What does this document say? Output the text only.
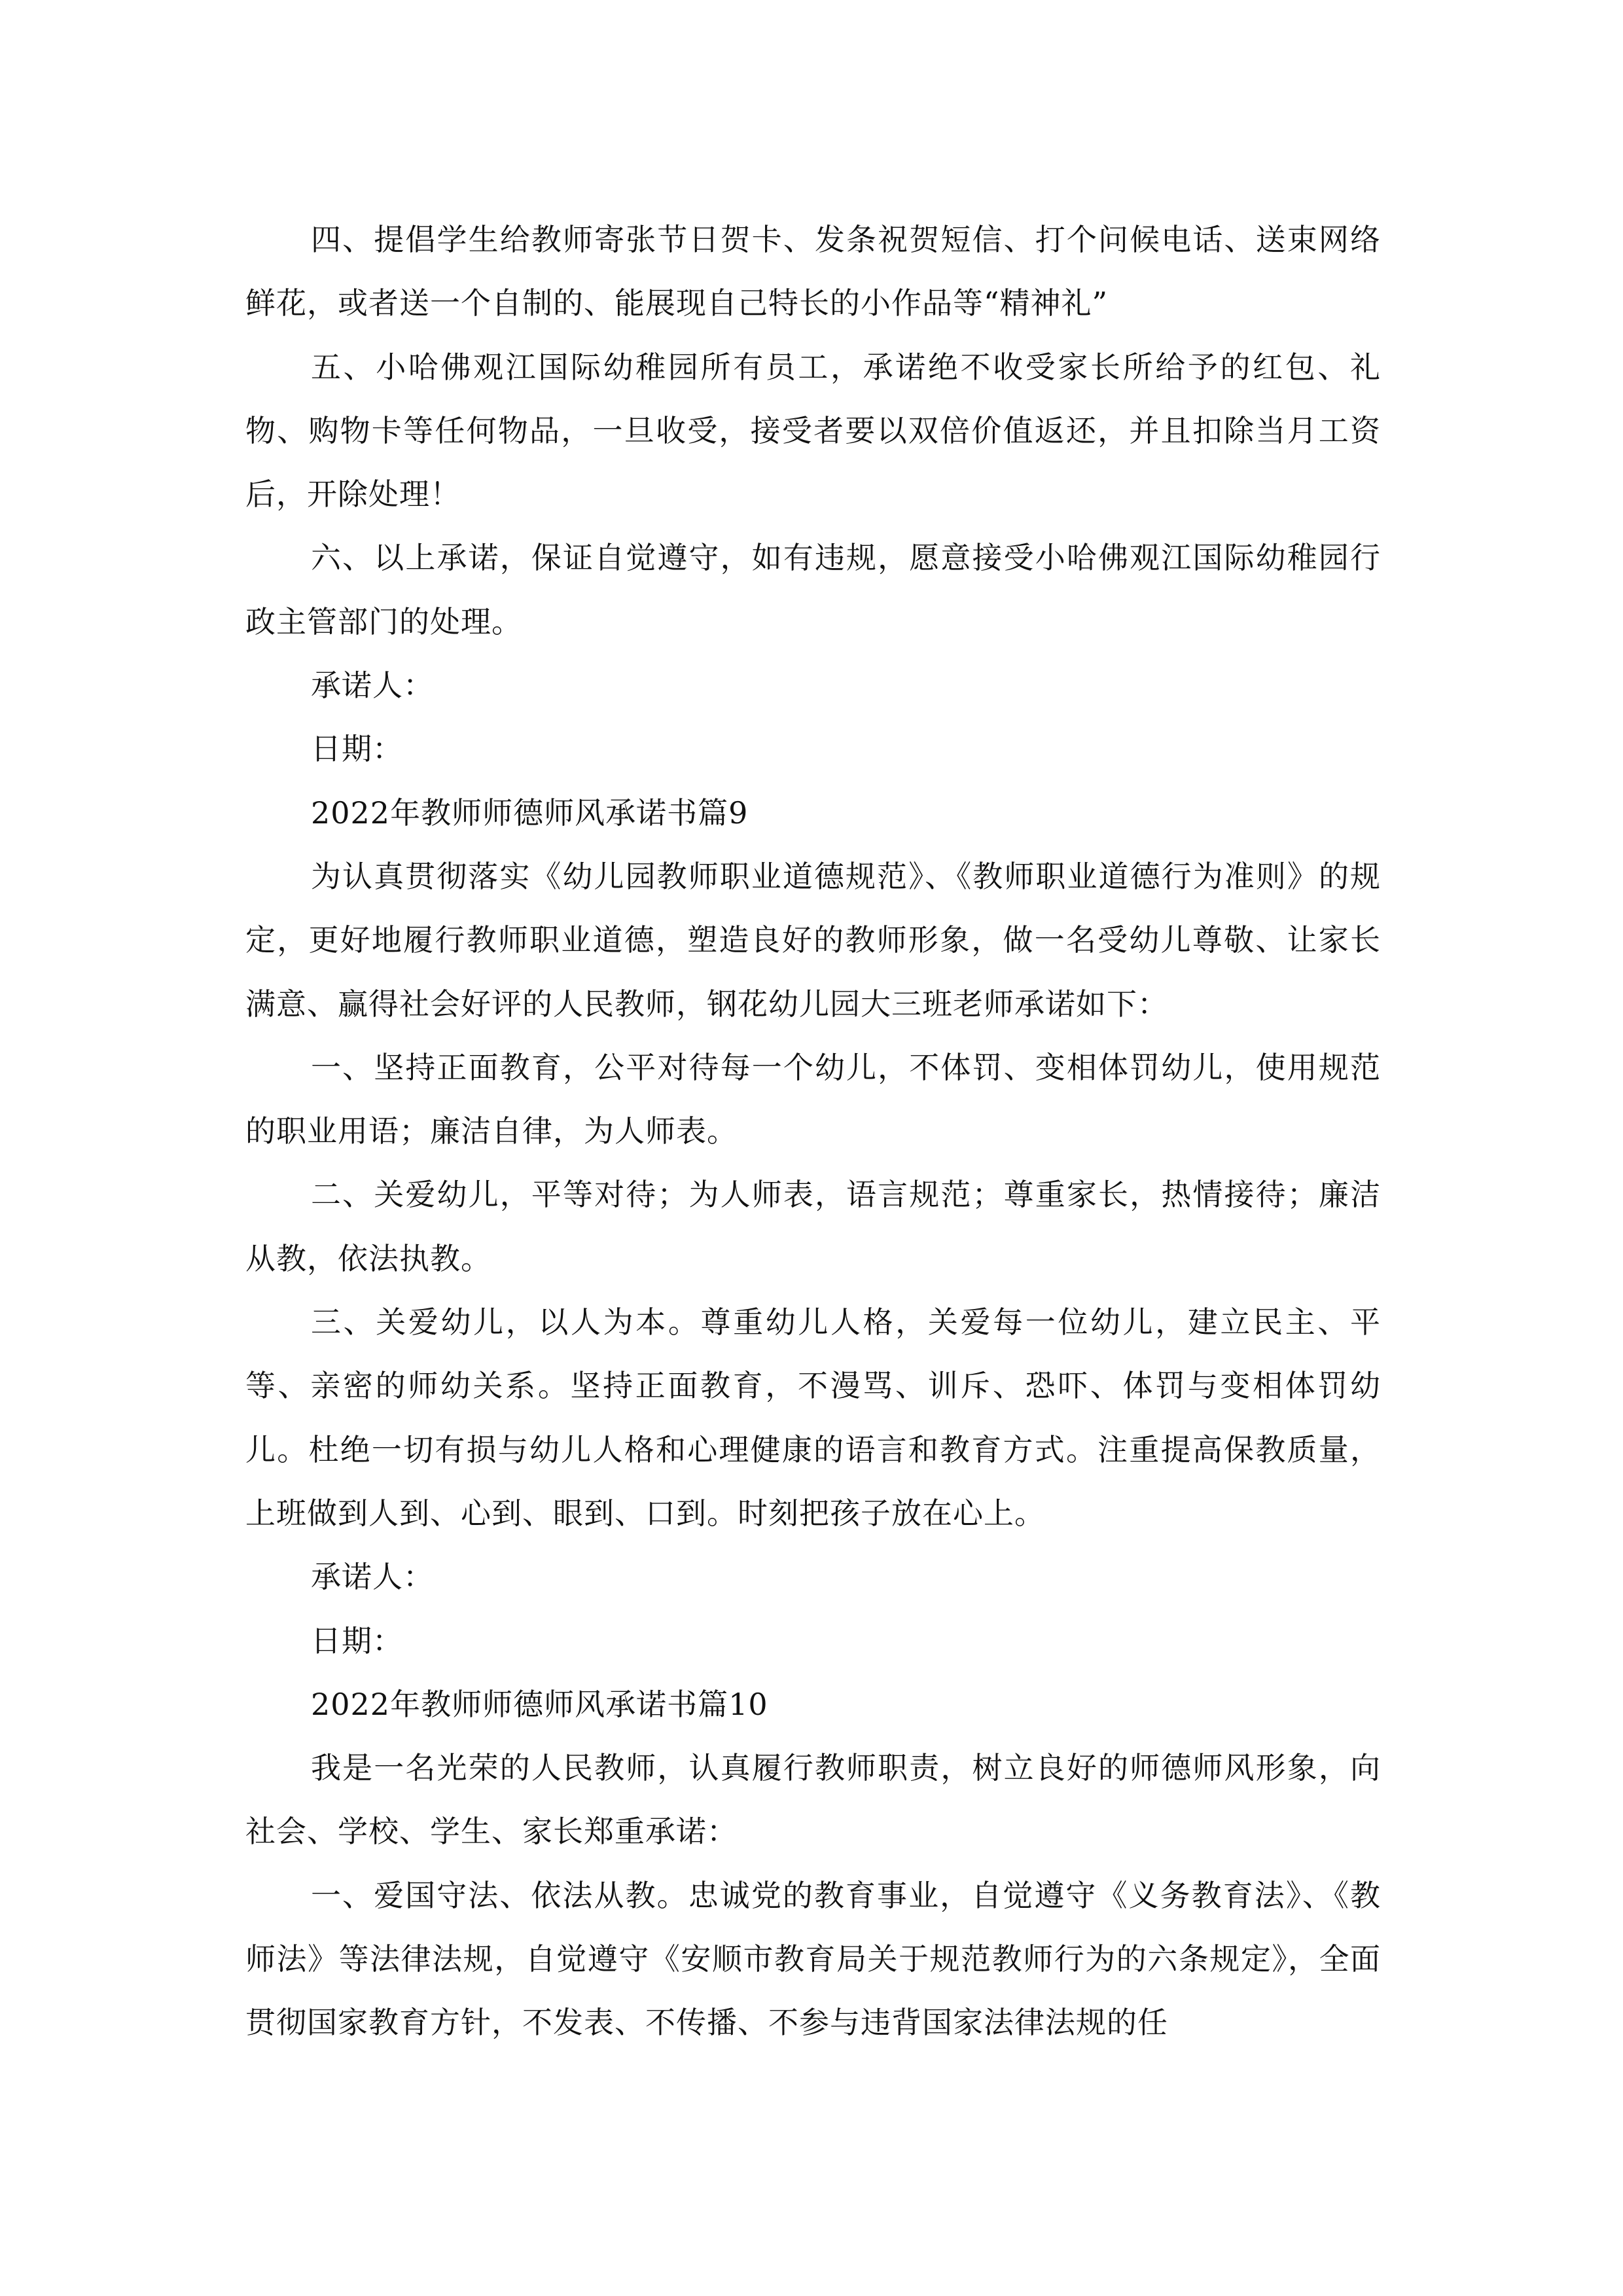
四、提倡学生给教师寄张节日贺卡、发条祝贺短信、打个问候电话、送束网络鲜花，或者送一个自制的、能展现自己特长的小作品等“精神礼”

五、小哈佛观江国际幼稚园所有员工，承诺绝不收受家长所给予的红包、礼物、购物卡等任何物品，一旦收受，接受者要以双倍价值返还，并且扣除当月工资后，开除处理！

六、以上承诺，保证自觉遵守，如有违规，愿意接受小哈佛观江国际幼稚园行政主管部门的处理。

承诺人：

日期：

2022年教师师德师风承诺书篇9

为认真贯彻落实《幼儿园教师职业道德规范》、《教师职业道德行为准则》的规定，更好地履行教师职业道德，塑造良好的教师形象，做一名受幼儿尊敬、让家长满意、赢得社会好评的人民教师，钢花幼儿园大三班老师承诺如下：

一、坚持正面教育，公平对待每一个幼儿，不体罚、变相体罚幼儿，使用规范的职业用语；廉洁自律，为人师表。

二、关爱幼儿，平等对待；为人师表，语言规范；尊重家长，热情接待；廉洁从教，依法执教。

三、关爱幼儿，以人为本。尊重幼儿人格，关爱每一位幼儿，建立民主、平等、亲密的师幼关系。坚持正面教育，不漫骂、训斥、恐吓、体罚与变相体罚幼儿。杜绝一切有损与幼儿人格和心理健康的语言和教育方式。注重提高保教质量，上班做到人到、心到、眼到、口到。时刻把孩子放在心上。

承诺人：

日期：

2022年教师师德师风承诺书篇10

我是一名光荣的人民教师，认真履行教师职责，树立良好的师德师风形象，向社会、学校、学生、家长郑重承诺：

一、爱国守法、依法从教。忠诚党的教育事业，自觉遵守《义务教育法》、《教师法》等法律法规，自觉遵守《安顺市教育局关于规范教师行为的六条规定》，全面贯彻国家教育方针，不发表、不传播、不参与违背国家法律法规的任
